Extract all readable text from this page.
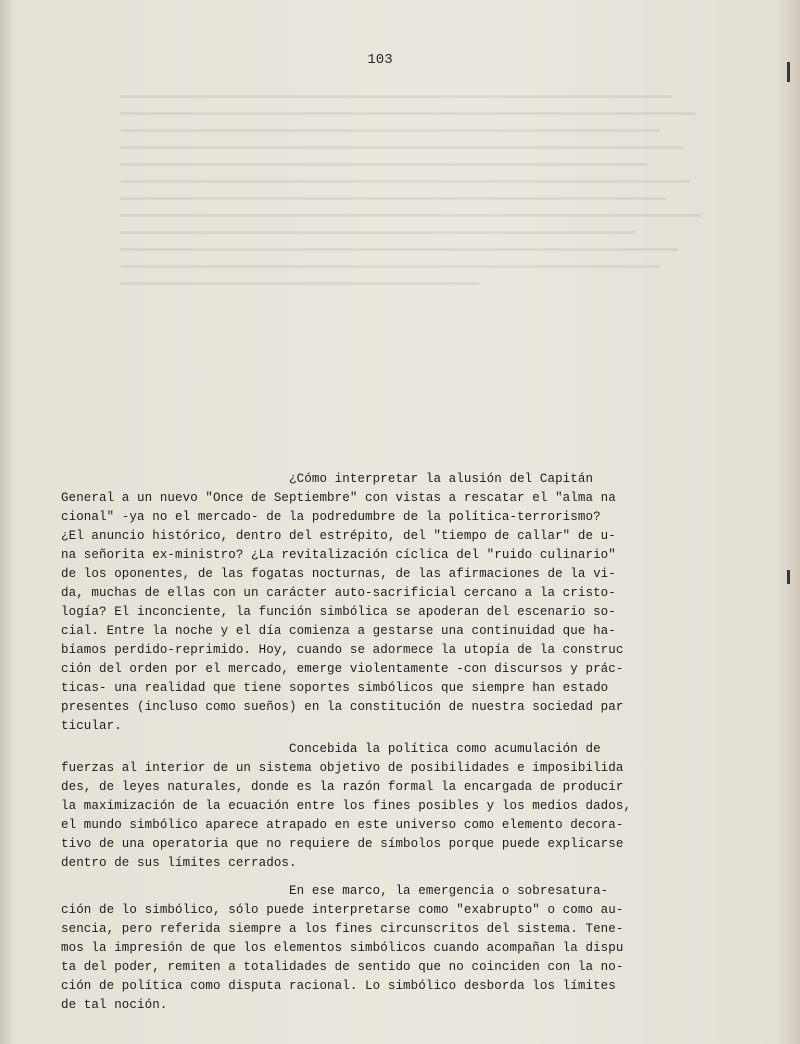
103
¿Cómo interpretar la alusión del Capitán
General a un nuevo "Once de Septiembre" con vistas a rescatar el "alma na
cional" -ya no el mercado- de la podredumbre de la política-terrorismo?
¿El anuncio histórico, dentro del estrépito, del "tiempo de callar" de u-
na señorita ex-ministro? ¿La revitalización cíclica del "ruido culinario"
de los oponentes, de las fogatas nocturnas, de las afirmaciones de la vi-
da, muchas de ellas con un carácter auto-sacrificial cercano a la cristo-
logía? El inconciente, la función simbólica se apoderan del escenario so-
cial. Entre la noche y el día comienza a gestarse una continuidad que ha-
bíamos perdido-reprimido. Hoy, cuando se adormece la utopía de la construc
ción del orden por el mercado, emerge violentamente -con discursos y prác-
ticas- una realidad que tiene soportes simbólicos que siempre han estado
presentes (incluso como sueños) en la constitución de nuestra sociedad par
ticular.
Concebida la política como acumulación de
fuerzas al interior de un sistema objetivo de posibilidades e imposibilida
des, de leyes naturales, donde es la razón formal la encargada de producir
la maximización de la ecuación entre los fines posibles y los medios dados,
el mundo simbólico aparece atrapado en este universo como elemento decora-
tivo de una operatoria que no requiere de símbolos porque puede explicarse
dentro de sus límites cerrados.
En ese marco, la emergencia o sobresatura-
ción de lo simbólico, sólo puede interpretarse como "exabrupto" o como au-
sencia, pero referida siempre a los fines circunscritos del sistema. Tene-
mos la impresión de que los elementos simbólicos cuando acompañan la dispu
ta del poder, remiten a totalidades de sentido que no coinciden con la no-
ción de política como disputa racional. Lo simbólico desborda los límites
de tal noción.
